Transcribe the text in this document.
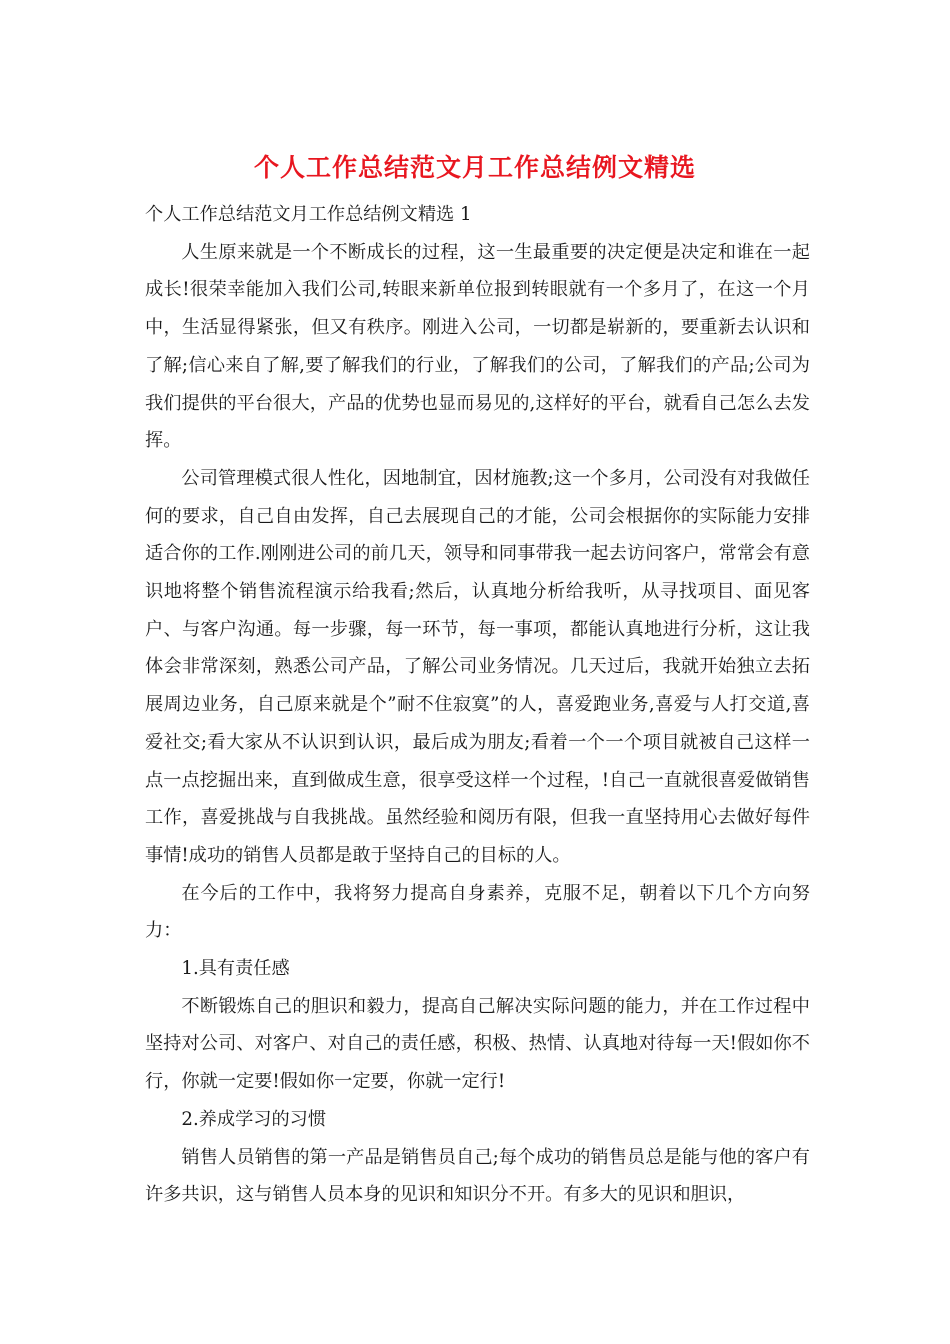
个人工作总结范文月工作总结例文精选

个人工作总结范文月工作总结例文精选 1

人生原来就是一个不断成长的过程，这一生最重要的决定便是决定和谁在一起成长!很荣幸能加入我们公司,转眼来新单位报到转眼就有一个多月了，在这一个月中，生活显得紧张，但又有秩序。刚进入公司，一切都是崭新的，要重新去认识和了解;信心来自了解,要了解我们的行业，了解我们的公司，了解我们的产品;公司为我们提供的平台很大，产品的优势也显而易见的,这样好的平台，就看自己怎么去发挥。

公司管理模式很人性化，因地制宜，因材施教;这一个多月，公司没有对我做任何的要求，自己自由发挥，自己去展现自己的才能，公司会根据你的实际能力安排适合你的工作.刚刚进公司的前几天，领导和同事带我一起去访问客户，常常会有意识地将整个销售流程演示给我看;然后，认真地分析给我听，从寻找项目、面见客户、与客户沟通。每一步骤，每一环节，每一事项，都能认真地进行分析，这让我体会非常深刻，熟悉公司产品，了解公司业务情况。几天过后，我就开始独立去拓展周边业务，自己原来就是个”耐不住寂寞”的人，喜爱跑业务,喜爱与人打交道,喜爱社交;看大家从不认识到认识，最后成为朋友;看着一个一个项目就被自己这样一点一点挖掘出来，直到做成生意，很享受这样一个过程，!自己一直就很喜爱做销售工作，喜爱挑战与自我挑战。虽然经验和阅历有限，但我一直坚持用心去做好每件事情!成功的销售人员都是敢于坚持自己的目标的人。

在今后的工作中，我将努力提高自身素养，克服不足，朝着以下几个方向努力：

1.具有责任感

不断锻炼自己的胆识和毅力，提高自己解决实际问题的能力，并在工作过程中坚持对公司、对客户、对自己的责任感，积极、热情、认真地对待每一天!假如你不行，你就一定要!假如你一定要，你就一定行!

2.养成学习的习惯

销售人员销售的第一产品是销售员自己;每个成功的销售员总是能与他的客户有许多共识，这与销售人员本身的见识和知识分不开。有多大的见识和胆识，
